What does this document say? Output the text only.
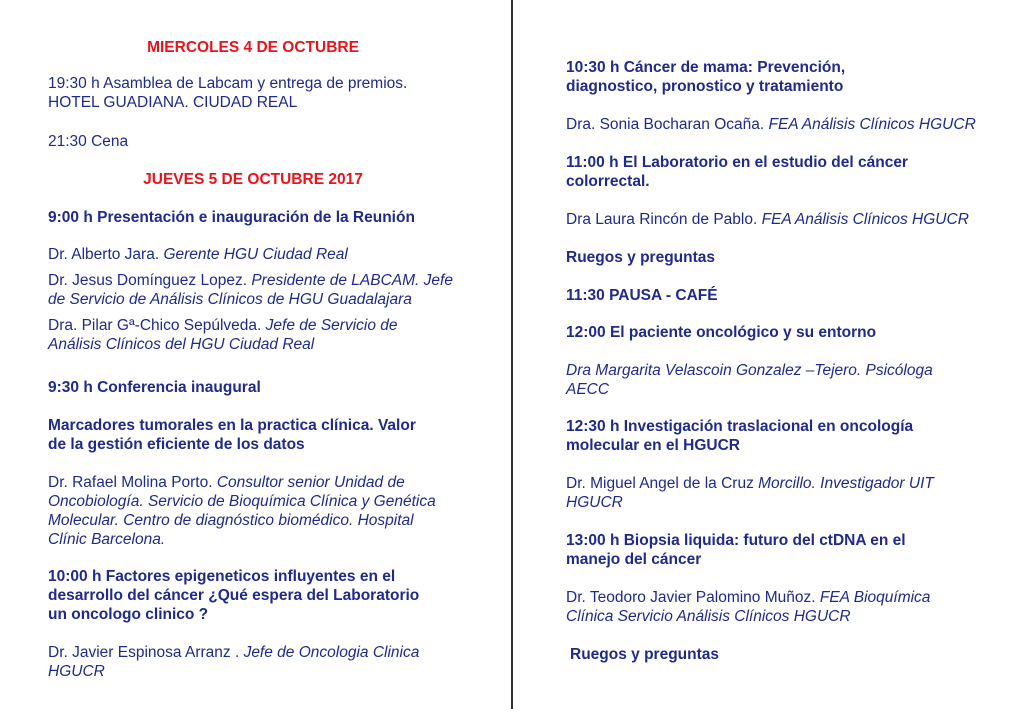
MIERCOLES 4 DE OCTUBRE
19:30 h Asamblea de Labcam y entrega de premios.
HOTEL GUADIANA. CIUDAD REAL
21:30 Cena
JUEVES 5 DE OCTUBRE 2017
9:00 h Presentación e inauguración de la Reunión
Dr. Alberto Jara. Gerente HGU Ciudad Real
Dr. Jesus Domínguez Lopez. Presidente de LABCAM. Jefe
de Servicio de Análisis Clínicos de HGU Guadalajara
Dra. Pilar Gª-Chico Sepúlveda. Jefe de Servicio de
Análisis Clínicos del HGU Ciudad Real
9:30 h Conferencia inaugural
Marcadores tumorales en la practica clínica. Valor
de la gestión eficiente de los datos
Dr. Rafael Molina Porto. Consultor senior Unidad de
Oncobiología. Servicio de Bioquímica Clínica y Genética
Molecular. Centro de diagnóstico biomédico. Hospital
Clínic Barcelona.
10:00 h Factores epigeneticos influyentes en el
desarrollo del cáncer ¿Qué espera del Laboratorio
un oncologo clinico ?
Dr. Javier Espinosa Arranz . Jefe de Oncologia Clinica
HGUCR
10:30 h Cáncer de mama: Prevención,
diagnostico, pronostico y tratamiento
Dra. Sonia Bocharan Ocaña. FEA Análisis Clínicos HGUCR
11:00 h El Laboratorio en el estudio del cáncer
colorrectal.
Dra Laura Rincón de Pablo. FEA Análisis Clínicos HGUCR
Ruegos y preguntas
11:30 PAUSA - CAFÉ
12:00 El paciente oncológico y su entorno
Dra Margarita Velascoin Gonzalez –Tejero. Psicóloga
AECC
12:30 h Investigación traslacional en oncología
molecular en el HGUCR
Dr. Miguel Angel de la Cruz Morcillo. Investigador UIT
HGUCR
13:00 h Biopsia liquida: futuro del ctDNA en el
manejo del cáncer
Dr. Teodoro Javier Palomino Muñoz. FEA Bioquímica
Clínica Servicio Análisis Clínicos HGUCR
Ruegos y preguntas
